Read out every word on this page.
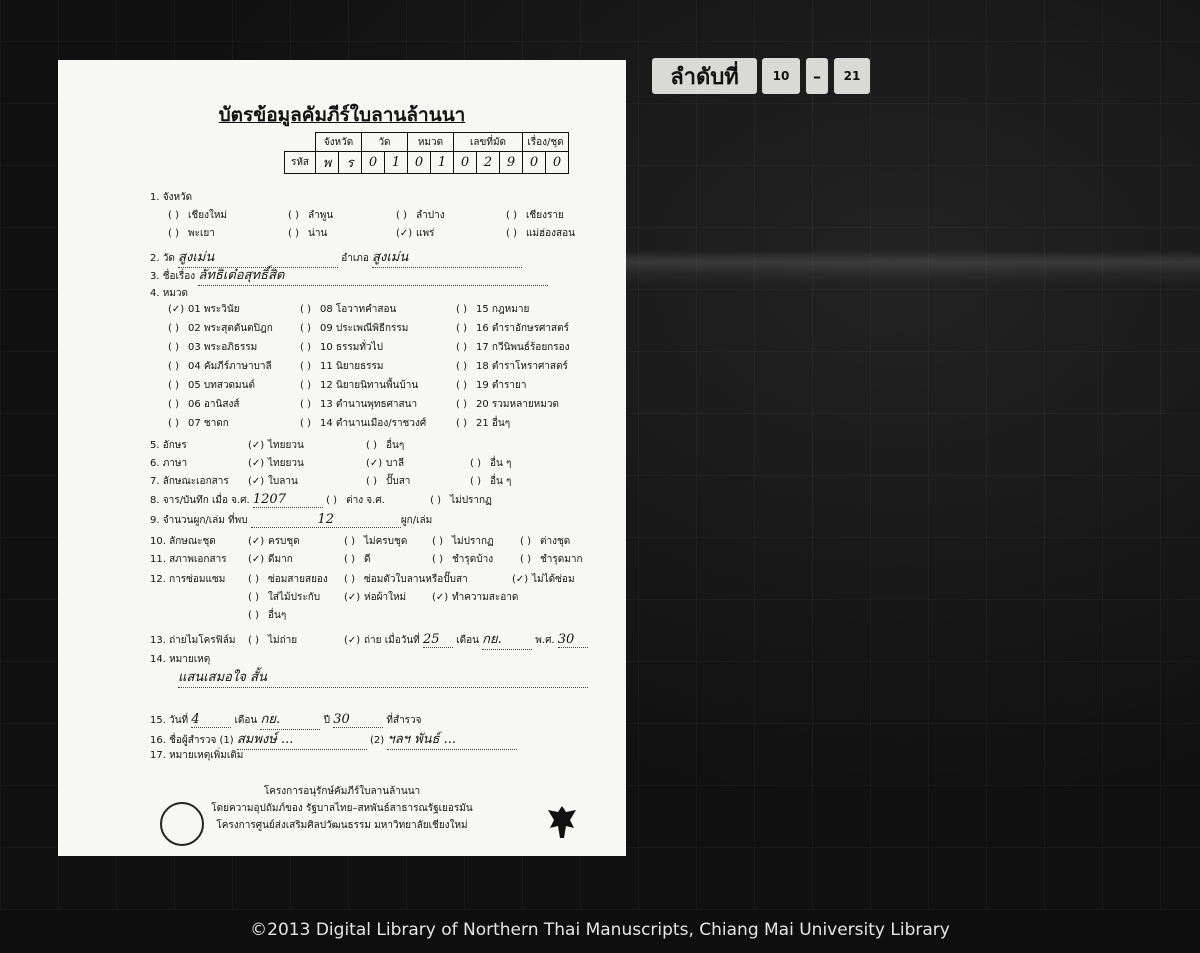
ลำดับที่	10 – 21
บัตรข้อมูลคัมภีร์ใบลานล้านนา
	จังหวัด		วัด		หมวด		เลขที่มัด			เรื่อง/ชุด	
รหัส	พ	ร	0	1	0	1	0	2	9	0	0
1. จังหวัด
( ) เชียงใหม่	( ) ลำพูน	( ) ลำปาง	( ) เชียงราย
( ) พะเยา	( ) น่าน	(✓) แพร่	( ) แม่ฮ่องสอน
2. วัด สูงเม่น	อำเภอ สูงเม่น
3. ชื่อเรื่อง ลัทธิเต๋อสุทธิ์สิต
4. หมวด
(✓) 01 พระวินัย	( ) 08 โอวาทคำสอน	( ) 15 กฎหมาย
( ) 02 พระสุตตันตปิฎก	( ) 09 ประเพณีพิธีกรรม	( ) 16 ตำราอักษรศาสตร์
( ) 03 พระอภิธรรม	( ) 10 ธรรมทั่วไป	( ) 17 กวีนิพนธ์ร้อยกรอง
( ) 04 คัมภีร์ภาษาบาลี	( ) 11 นิยายธรรม	( ) 18 ตำราโหราศาสตร์
( ) 05 บทสวดมนต์	( ) 12 นิยายนิทานพื้นบ้าน	( ) 19 ตำรายา
( ) 06 อานิสงส์	( ) 13 ตำนานพุทธศาสนา	( ) 20 รวมหลายหมวด
( ) 07 ชาดก	( ) 14 ตำนานเมือง/ราชวงศ์	( ) 21 อื่นๆ
5. อักษร	(✓) ไทยยวน	( ) อื่นๆ
6. ภาษา	(✓) ไทยยวน	(✓) บาลี	( ) อื่น ๆ
7. ลักษณะเอกสาร (✓) ใบลาน	( ) ปั๊บสา	( ) อื่น ๆ
8. จาร/บันทึก เมื่อ จ.ศ. 1207	( ) ต่าง จ.ศ.	( ) ไม่ปรากฏ
9. จำนวนผูก/เล่ม ที่พบ	12	ผูก/เล่ม
10. ลักษณะชุด	(✓) ครบชุด	( ) ไม่ครบชุด ( ) ไม่ปรากฏ	( ) ต่างชุด
11. สภาพเอกสาร (✓) ดีมาก	( ) ดี	( ) ชำรุดบ้าง	( ) ชำรุดมาก
12. การซ่อมแซม ( ) ซ่อมสายสยอง ( ) ซ่อมตัวใบลานหรือปั๊บสา	(✓) ไม่ได้ซ่อม
( ) ใส่ไม้ประกับ (✓) ห่อผ้าใหม่	(✓) ทำความสะอาด
( ) อื่นๆ
13. ถ่ายไมโครฟิล์ม ( ) ไม่ถ่าย	(✓) ถ่าย เมื่อวันที่ 25 เดือน กย.	พ.ศ. 30
14. หมายเหตุ
แสนเสมอใจ สั้น
15. วันที่ 4	เดือน กย.	ปี 30	ที่สำรวจ
16. ชื่อผู้สำรวจ (1) สมพงษ์ ...	(2) ฯลฯ พันธ์ ...
17. หมายเหตุเพิ่มเติม
โครงการอนุรักษ์คัมภีร์ใบลานล้านนา
โดยความอุปถัมภ์ของ รัฐบาลไทย–สหพันธ์สาธารณรัฐเยอรมัน
โครงการศูนย์ส่งเสริมศิลปวัฒนธรรม มหาวิทยาลัยเชียงใหม่
©2013 Digital Library of Northern Thai Manuscripts, Chiang Mai University Library
